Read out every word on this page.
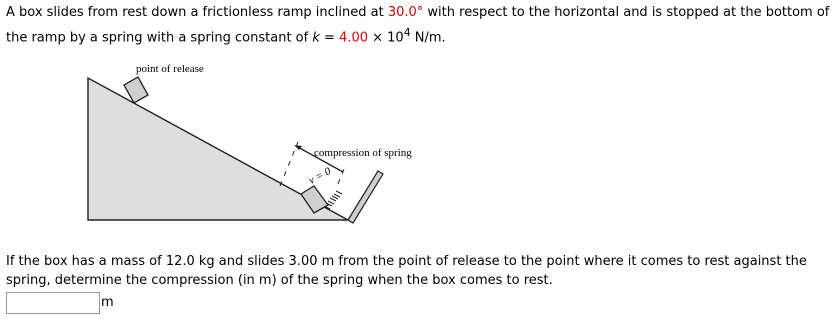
A box slides from rest down a frictionless ramp inclined at 30.0° with respect to the horizontal and is stopped at the bottom of the ramp by a spring with a spring constant of $k = 4.00 \times 10^4$ N/m.
point of release
compression of spring
v = 0
If the box has a mass of 12.0 kg and slides 3.00 m from the point of release to the point where it comes to rest against the spring, determine the compression (in m) of the spring when the box comes to rest.
m
